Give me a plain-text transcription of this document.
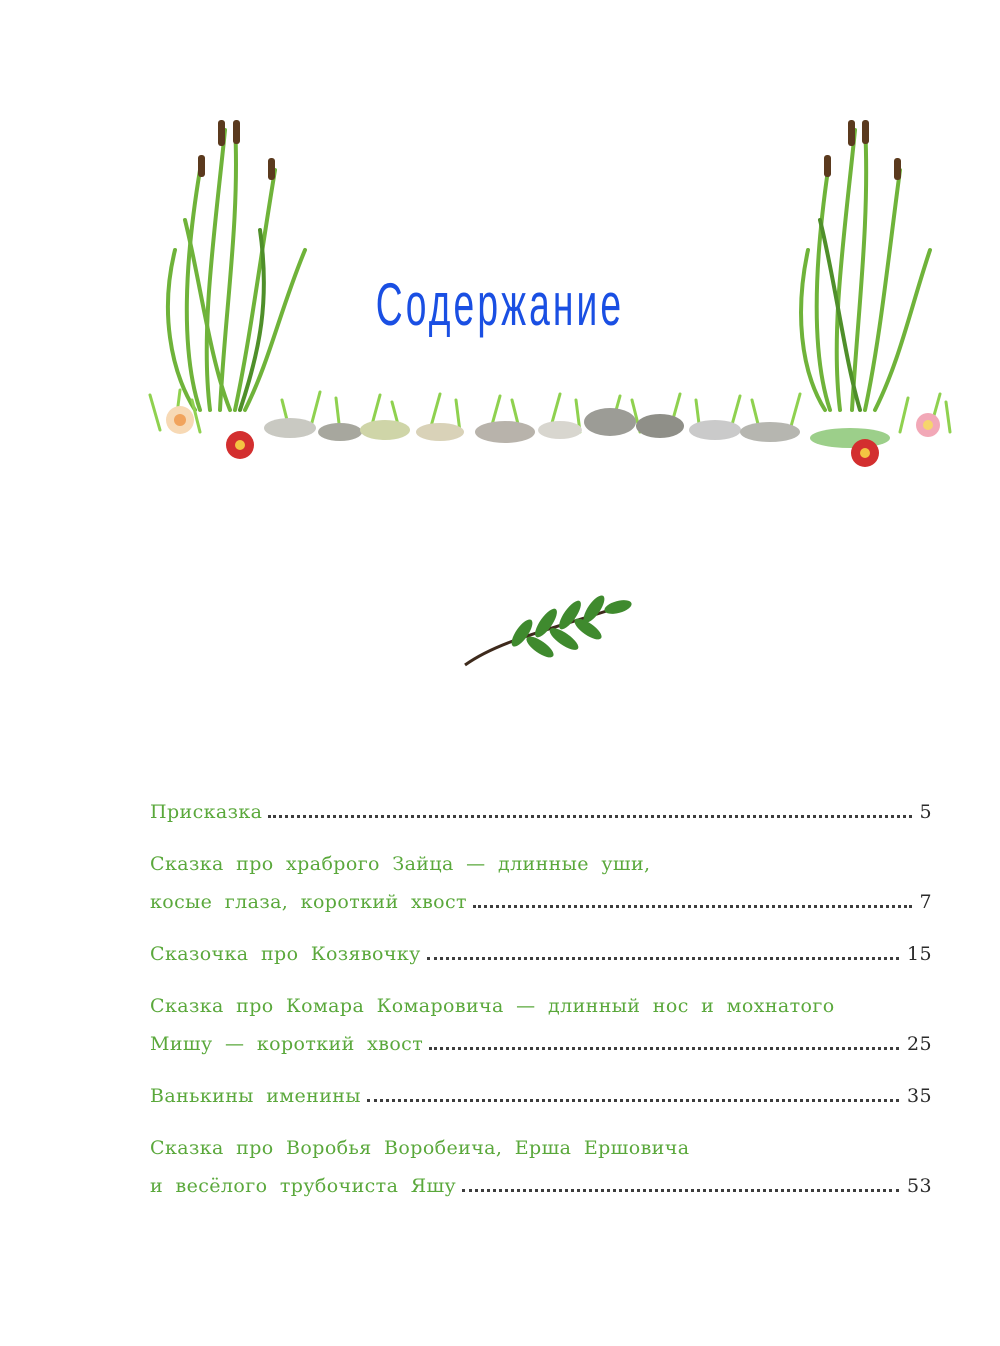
Содержание
Присказка	5
Сказка про храброго Зайца — длинные уши,
косые глаза, короткий хвост	7
Сказочка про Козявочку	15
Сказка про Комара Комаровича — длинный нос и мохнатого
Мишу — короткий хвост	25
Ванькины именины	35
Сказка про Воробья Воробеича, Ерша Ершовича
и весёлого трубочиста Яшу	53
